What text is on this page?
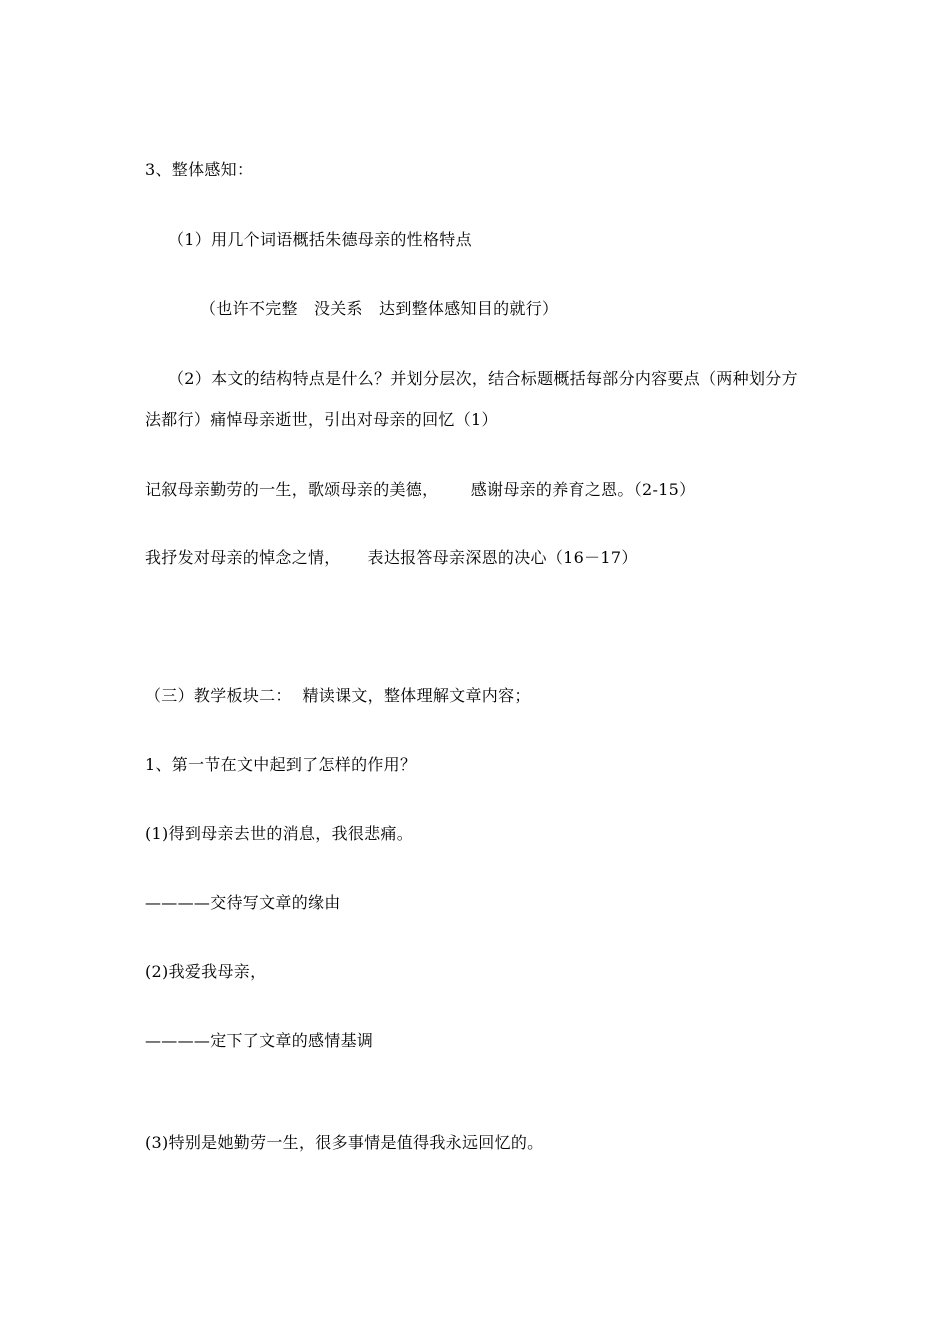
3、整体感知：
（1）用几个词语概括朱德母亲的性格特点
（也许不完整   没关系   达到整体感知目的就行）
（2）本文的结构特点是什么？并划分层次，结合标题概括每部分内容要点（两种划分方
法都行）痛悼母亲逝世，引出对母亲的回忆（1）
记叙母亲勤劳的一生，歌颂母亲的美德，      感谢母亲的养育之恩。（2-15）
我抒发对母亲的悼念之情，     表达报答母亲深恩的决心（16－17）
（三）教学板块二：  精读课文，整体理解文章内容；
1、第一节在文中起到了怎样的作用？
(1)得到母亲去世的消息，我很悲痛。
————交待写文章的缘由
(2)我爱我母亲，
————定下了文章的感情基调
(3)特别是她勤劳一生，很多事情是值得我永远回忆的。
